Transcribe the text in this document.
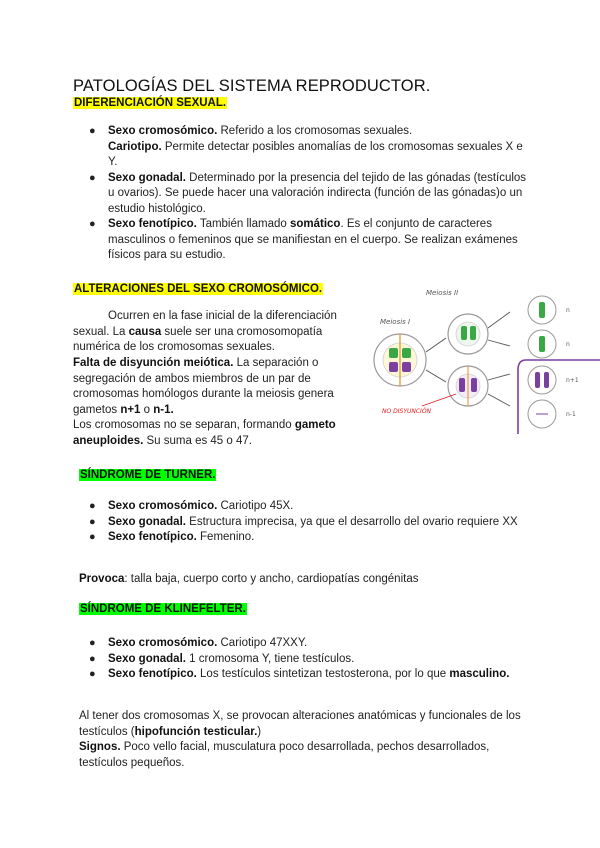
PATOLOGÍAS DEL SISTEMA REPRODUCTOR.
DIFERENCIACIÓN SEXUAL.
● Sexo cromosómico. Referido a los cromosomas sexuales.
Cariotipo. Permite detectar posibles anomalías de los cromosomas sexuales X e Y.
● Sexo gonadal. Determinado por la presencia del tejido de las gónadas (testículos u ovarios). Se puede hacer una valoración indirecta (función de las gónadas)o un estudio histológico.
● Sexo fenotípico. También llamado somático. Es el conjunto de caracteres masculinos o femeninos que se manifiestan en el cuerpo. Se realizan exámenes físicos para su estudio.
ALTERACIONES DEL SEXO CROMOSÓMICO.
Ocurren en la fase inicial de la diferenciación sexual. La causa suele ser una cromosomopatía numérica de los cromosomas sexuales.
Falta de disyunción meiótica. La separación o segregación de ambos miembros de un par de cromosomas homólogos durante la meiosis genera gametos n+1 o n-1.
Los cromosomas no se separan, formando gameto aneuploides. Su suma es 45 o 47.
Meiosis II
Meiosis I
NO DISYUNCIÓN
n
n
n+1
n-1
SÍNDROME DE TURNER.
● Sexo cromosómico. Cariotipo 45X.
● Sexo gonadal. Estructura imprecisa, ya que el desarrollo del ovario requiere XX
● Sexo fenotípico. Femenino.
Provoca: talla baja, cuerpo corto y ancho, cardiopatías congénitas
SÍNDROME DE KLINEFELTER.
● Sexo cromosómico. Cariotipo 47XXY.
● Sexo gonadal. 1 cromosoma Y, tiene testículos.
● Sexo fenotípico. Los testículos sintetizan testosterona, por lo que masculino.
Al tener dos cromosomas X, se provocan alteraciones anatómicas y funcionales de los testículos (hipofunción testicular.)
Signos. Poco vello facial, musculatura poco desarrollada, pechos desarrollados, testículos pequeños.
